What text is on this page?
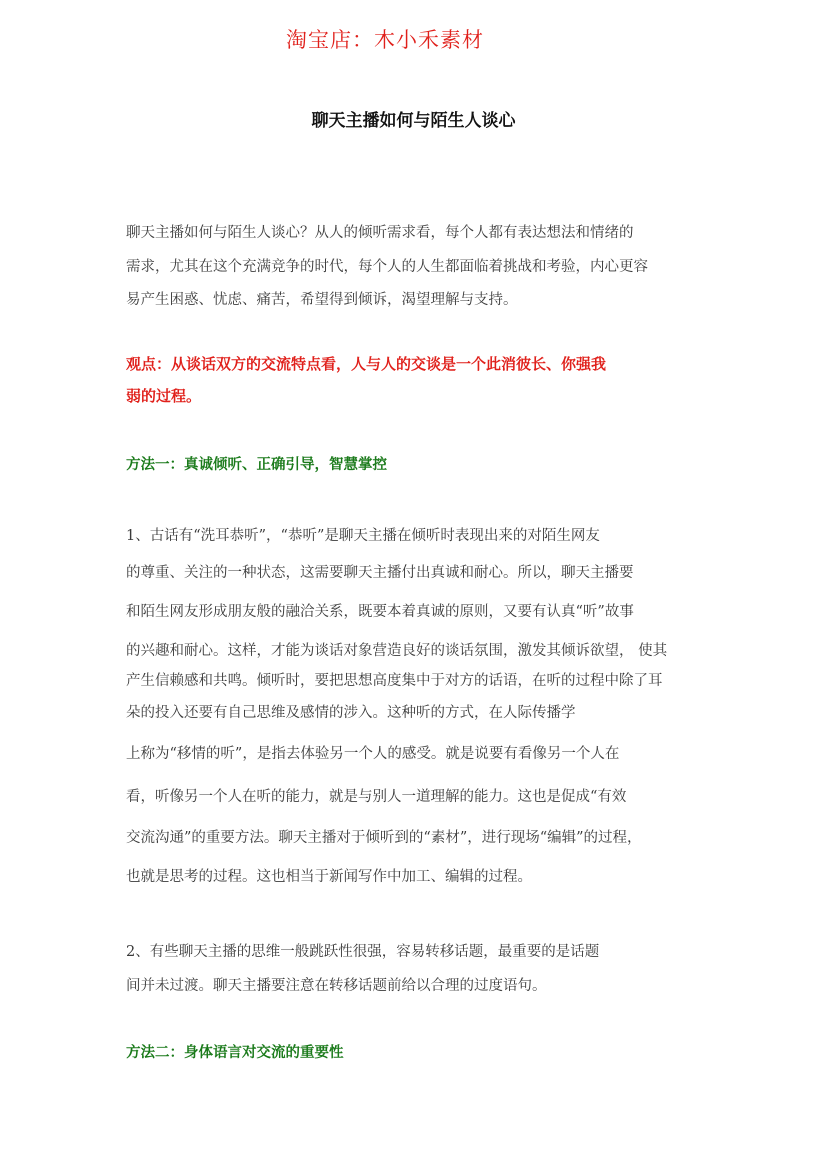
淘宝店：木小禾素材
聊天主播如何与陌生人谈心

聊天主播如何与陌生人谈心？从人的倾听需求看，每个人都有表达想法和情绪的

需求，尤其在这个充满竞争的时代，每个人的人生都面临着挑战和考验，内心更容

易产生困惑、忧虑、痛苦，希望得到倾诉，渴望理解与支持。

观点：从谈话双方的交流特点看，人与人的交谈是一个此消彼长、你强我

弱的过程。

方法一：真诚倾听、正确引导，智慧掌控

1、古话有“洗耳恭听”，“恭听”是聊天主播在倾听时表现出来的对陌生网友

的尊重、关注的一种状态，这需要聊天主播付出真诚和耐心。所以，聊天主播要

和陌生网友形成朋友般的融洽关系，既要本着真诚的原则，又要有认真“听”故事

的兴趣和耐心。这样，才能为谈话对象营造良好的谈话氛围，激发其倾诉欲望， 使其

产生信赖感和共鸣。倾听时，要把思想高度集中于对方的话语，在听的过程中除了耳

朵的投入还要有自己思维及感情的涉入。这种听的方式，在人际传播学

上称为“移情的听”，是指去体验另一个人的感受。就是说要有看像另一个人在

看，听像另一个人在听的能力，就是与别人一道理解的能力。这也是促成“有效

交流沟通”的重要方法。聊天主播对于倾听到的“素材”，进行现场“编辑”的过程，

也就是思考的过程。这也相当于新闻写作中加工、编辑的过程。

2、有些聊天主播的思维一般跳跃性很强，容易转移话题，最重要的是话题

间并未过渡。聊天主播要注意在转移话题前给以合理的过度语句。

方法二：身体语言对交流的重要性
